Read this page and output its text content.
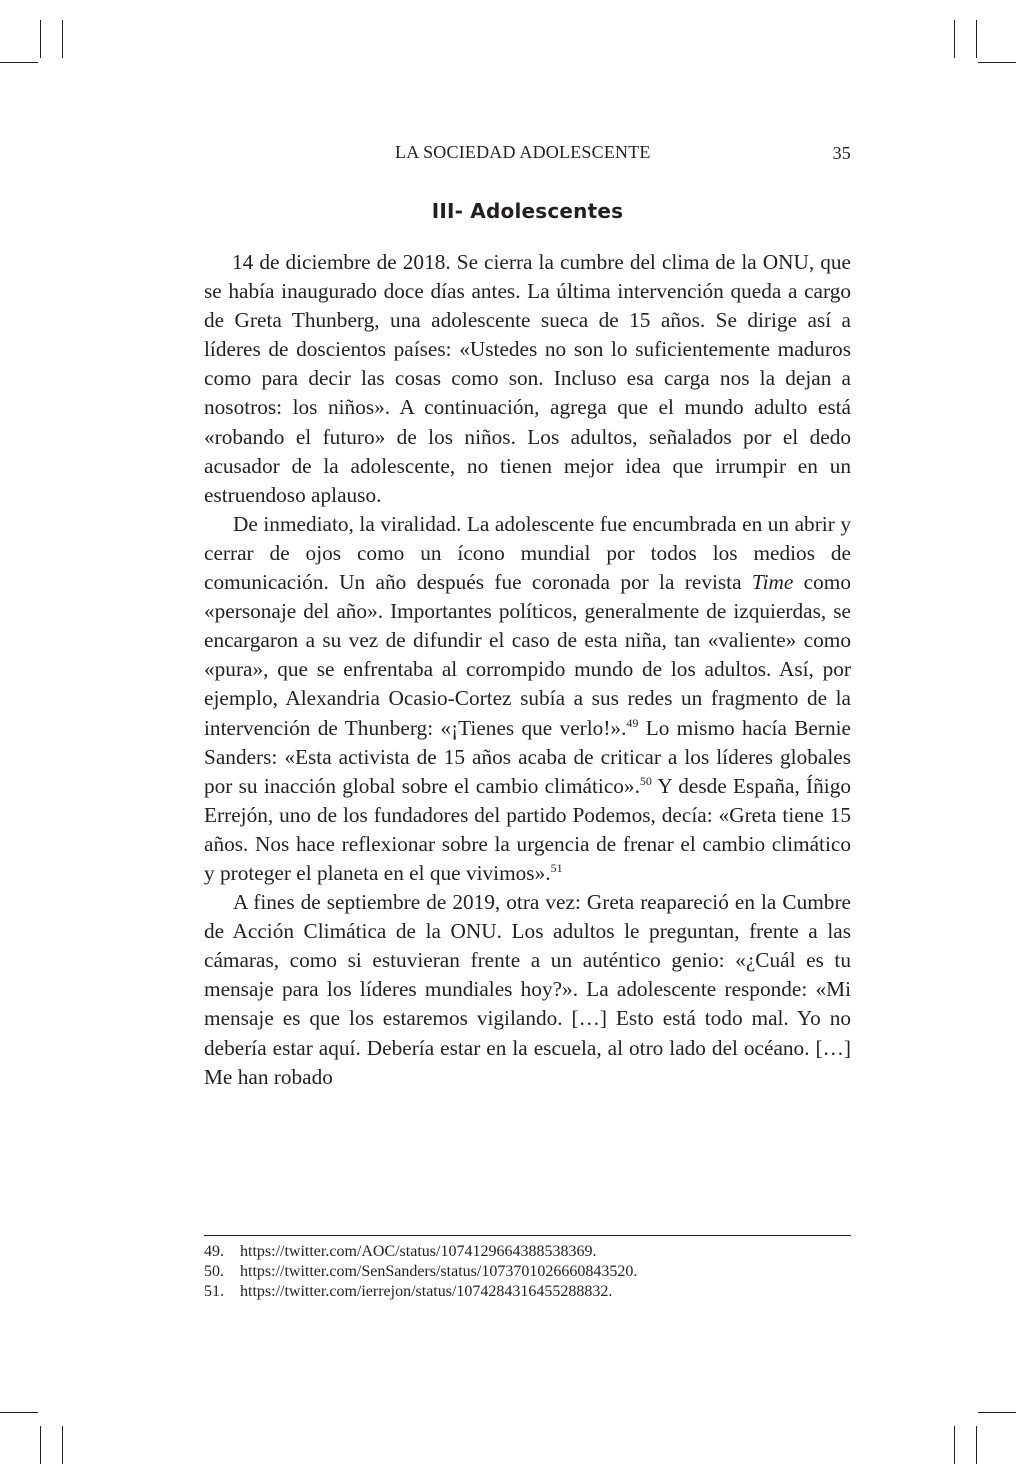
LA SOCIEDAD ADOLESCENTE	35
III- Adolescentes

14 de diciembre de 2018. Se cierra la cumbre del clima de la ONU, que se había inaugurado doce días antes. La última intervención queda a cargo de Greta Thunberg, una adolescente sueca de 15 años. Se dirige así a líderes de doscientos países: «Ustedes no son lo suficientemente maduros como para decir las cosas como son. Incluso esa carga nos la dejan a nosotros: los niños». A continuación, agrega que el mundo adulto está «robando el futuro» de los niños. Los adultos, señalados por el dedo acusador de la adolescente, no tienen mejor idea que irrumpir en un estruendoso aplauso.

De inmediato, la viralidad. La adolescente fue encumbrada en un abrir y cerrar de ojos como un ícono mundial por todos los medios de comunicación. Un año después fue coronada por la revista Time como «personaje del año». Importantes políticos, generalmente de izquierdas, se encargaron a su vez de difundir el caso de esta niña, tan «valiente» como «pura», que se enfrentaba al corrompido mundo de los adultos. Así, por ejemplo, Alexandria Ocasio-Cortez subía a sus redes un fragmento de la intervención de Thunberg: «¡Tienes que verlo!».$^{49}$ Lo mismo hacía Bernie Sanders: «Esta activista de 15 años acaba de criticar a los líderes globales por su inacción global sobre el cambio climático».$^{50}$ Y desde España, Íñigo Errejón, uno de los fundadores del partido Podemos, decía: «Greta tiene 15 años. Nos hace reflexionar sobre la urgencia de frenar el cambio climático y proteger el planeta en el que vivimos».$^{51}$

A fines de septiembre de 2019, otra vez: Greta reapareció en la Cumbre de Acción Climática de la ONU. Los adultos le preguntan, frente a las cámaras, como si estuvieran frente a un auténtico genio: «¿Cuál es tu mensaje para los líderes mundiales hoy?». La adolescente responde: «Mi mensaje es que los estaremos vigilando. […] Esto está todo mal. Yo no debería estar aquí. Debería estar en la escuela, al otro lado del océano. […] Me han robado

49.	https://twitter.com/AOC/status/1074129664388538369.
50.	https://twitter.com/SenSanders/status/1073701026660843520.
51.	https://twitter.com/ierrejon/status/1074284316455288832.
